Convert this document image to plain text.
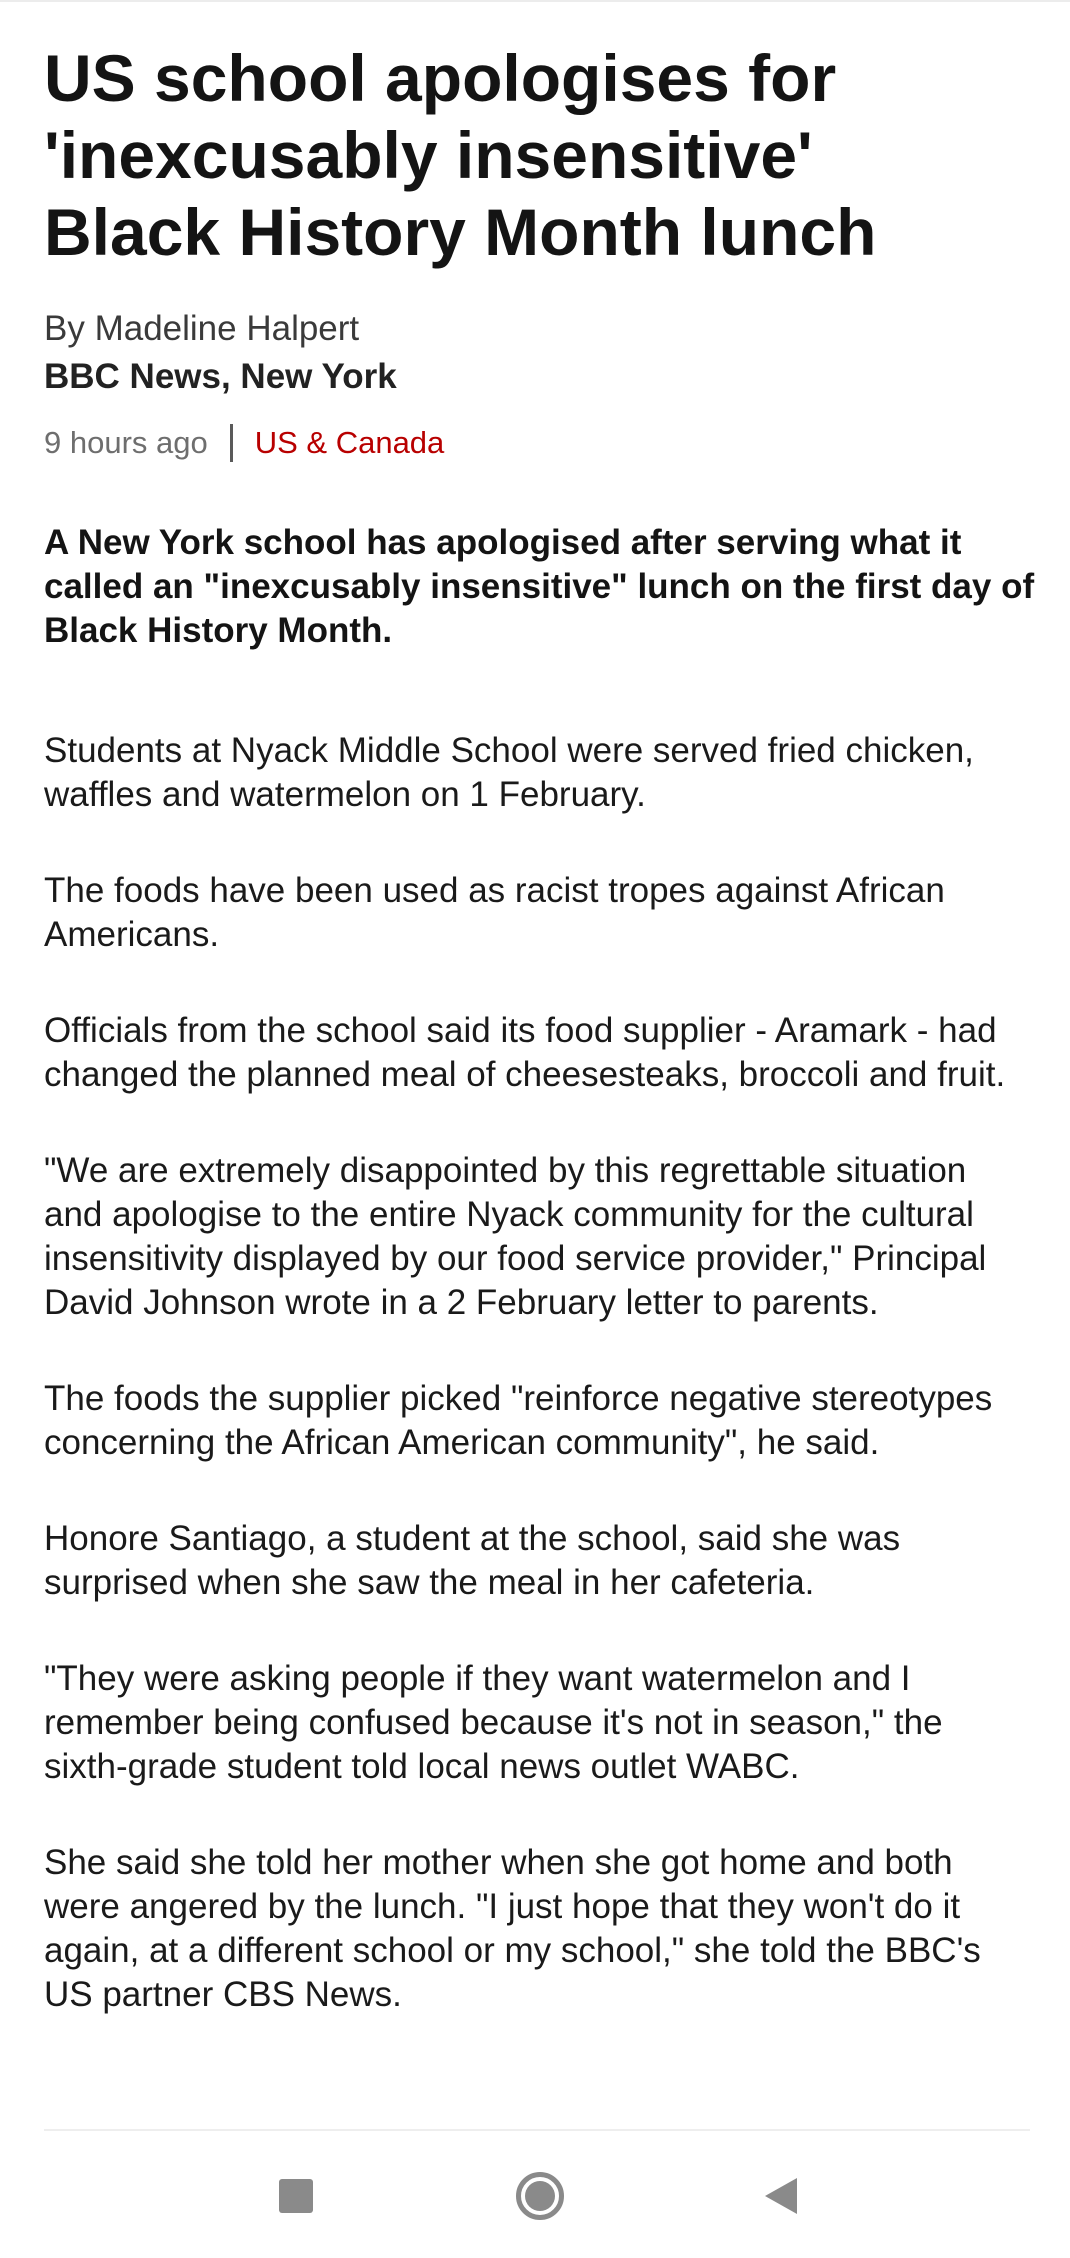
US school apologises for 'inexcusably insensitive' Black History Month lunch
By Madeline Halpert
BBC News, New York
9 hours ago US & Canada

A New York school has apologised after serving what it called an "inexcusably insensitive" lunch on the first day of Black History Month.

Students at Nyack Middle School were served fried chicken, waffles and watermelon on 1 February.

The foods have been used as racist tropes against African Americans.

Officials from the school said its food supplier - Aramark - had changed the planned meal of cheesesteaks, broccoli and fruit.

"We are extremely disappointed by this regrettable situation and apologise to the entire Nyack community for the cultural insensitivity displayed by our food service provider," Principal David Johnson wrote in a 2 February letter to parents.

The foods the supplier picked "reinforce negative stereotypes concerning the African American community", he said.

Honore Santiago, a student at the school, said she was surprised when she saw the meal in her cafeteria.

"They were asking people if they want watermelon and I remember being confused because it's not in season," the sixth-grade student told local news outlet WABC.

She said she told her mother when she got home and both were angered by the lunch. "I just hope that they won't do it again, at a different school or my school," she told the BBC's US partner CBS News.
